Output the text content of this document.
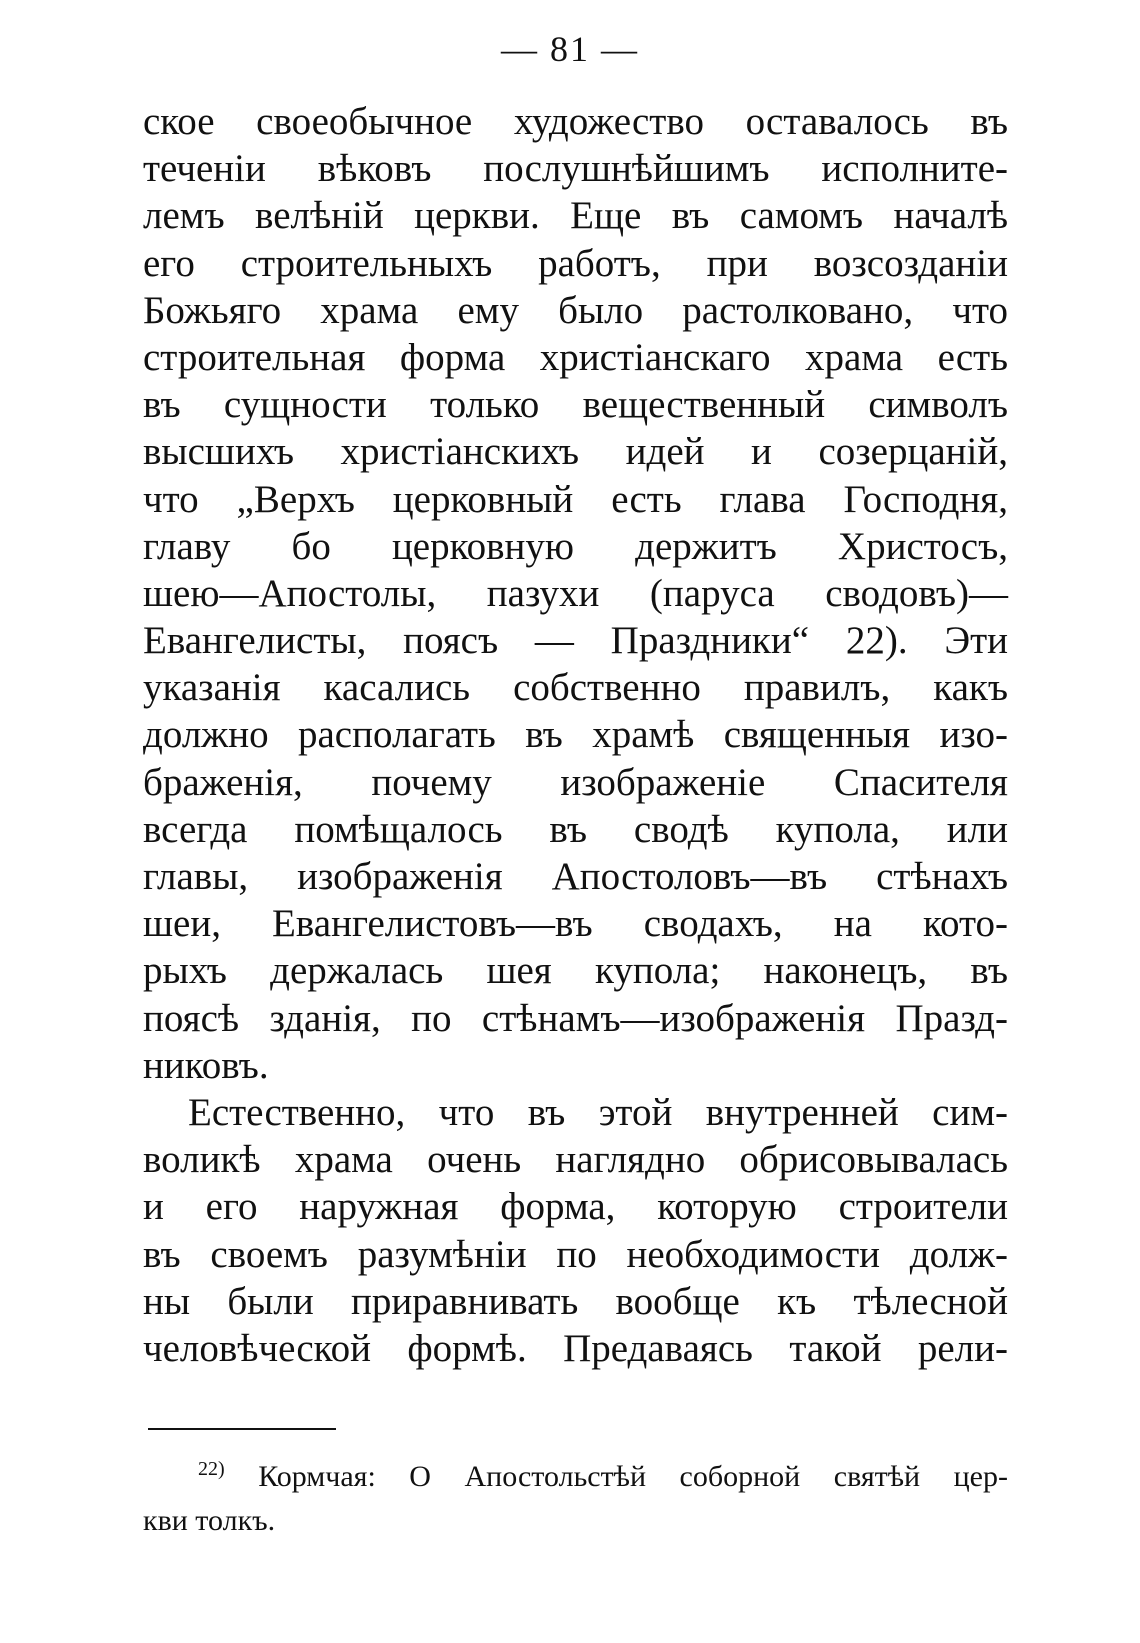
— 81 —
ское своеобычное художество оставалось въ
теченіи вѣковъ послушнѣйшимъ исполните-
лемъ велѣній церкви. Еще въ самомъ началѣ
его строительныхъ работъ, при возсозданіи
Божьяго храма ему было растолковано, что
строительная форма христіанскаго храма есть
въ сущности только вещественный символъ
высшихъ христіанскихъ идей и созерцаній,
что „Верхъ церковный есть глава Господня,
главу бо церковную держитъ Христосъ,
шею—Апостолы, пазухи (паруса сводовъ)—
Евангелисты, поясъ — Праздники“ 22). Эти
указанія касались собственно правилъ, какъ
должно располагать въ храмѣ священныя изо-
браженія, почему изображеніе Спасителя
всегда помѣщалось въ сводѣ купола, или
главы, изображенія Апостоловъ—въ стѣнахъ
шеи, Евангелистовъ—въ сводахъ, на кото-
рыхъ держалась шея купола; наконецъ, въ
поясѣ зданія, по стѣнамъ—изображенія Празд-
никовъ.
Естественно, что въ этой внутренней сим-
воликѣ храма очень наглядно обрисовывалась
и его наружная форма, которую строители
въ своемъ разумѣніи по необходимости долж-
ны были приравнивать вообще къ тѣлесной
человѣческой формѣ. Предаваясь такой рели-
$^{22)}$ Кормчая: О Апостольстѣй соборной святѣй цер-
кви толкъ.
